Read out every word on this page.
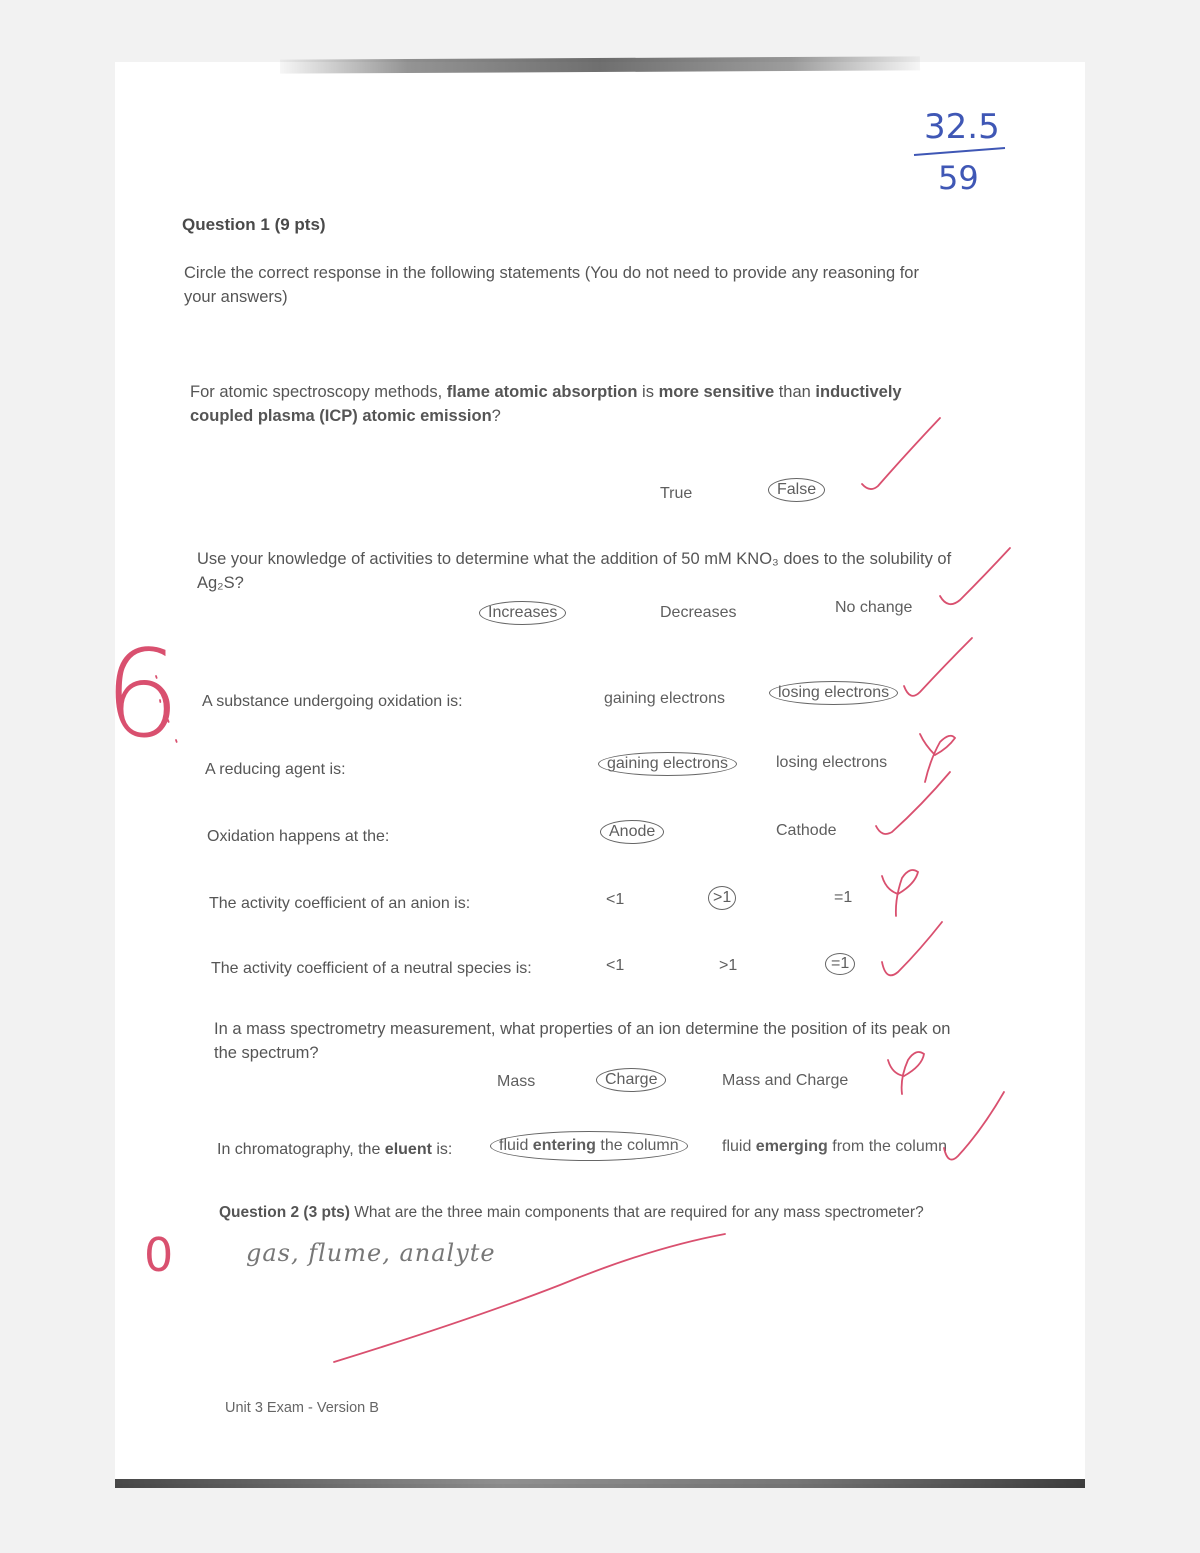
32.5
59
Question 1 (9 pts)
Circle the correct response in the following statements (You do not need to provide any reasoning for your answers)
For atomic spectroscopy methods, flame atomic absorption is more sensitive than inductively coupled plasma (ICP) atomic emission?
True	False
Use your knowledge of activities to determine what the addition of 50 mM KNO₃ does to the solubility of Ag₂S?
Increases	Decreases	No change
A substance undergoing oxidation is:	gaining electrons	losing electrons
A reducing agent is:	gaining electrons	losing electrons
Oxidation happens at the:	Anode	Cathode
The activity coefficient of an anion is:	<1	>1	=1
The activity coefficient of a neutral species is:	<1	>1	=1
In a mass spectrometry measurement, what properties of an ion determine the position of its peak on the spectrum?
Mass	Charge	Mass and Charge
In chromatography, the eluent is:	fluid entering the column	fluid emerging from the column
Question 2 (3 pts) What are the three main components that are required for any mass spectrometer?
gas, flume, analyte
6
0
Unit 3 Exam - Version B
